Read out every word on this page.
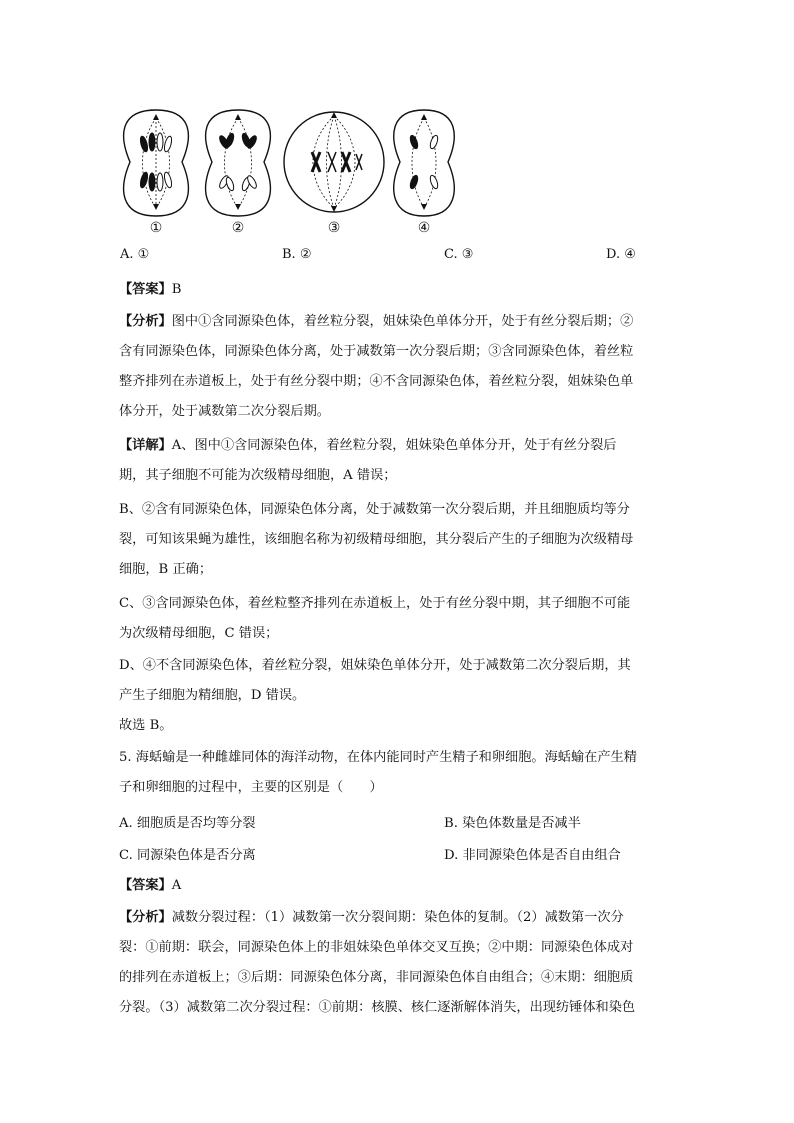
①	②	③	④
A. ①	B. ②	C. ③	D. ④
【答案】B
【分析】图中①含同源染色体，着丝粒分裂，姐妹染色单体分开，处于有丝分裂后期；②
含有同源染色体，同源染色体分离，处于减数第一次分裂后期；③含同源染色体，着丝粒
整齐排列在赤道板上，处于有丝分裂中期；④不含同源染色体，着丝粒分裂，姐妹染色单
体分开，处于减数第二次分裂后期。
【详解】A、图中①含同源染色体，着丝粒分裂，姐妹染色单体分开，处于有丝分裂后
期，其子细胞不可能为次级精母细胞，A 错误；
B、②含有同源染色体，同源染色体分离，处于减数第一次分裂后期，并且细胞质均等分
裂，可知该果蝇为雄性，该细胞名称为初级精母细胞，其分裂后产生的子细胞为次级精母
细胞，B 正确；
C、③含同源染色体，着丝粒整齐排列在赤道板上，处于有丝分裂中期，其子细胞不可能
为次级精母细胞，C 错误；
D、④不含同源染色体，着丝粒分裂，姐妹染色单体分开，处于减数第二次分裂后期，其
产生子细胞为精细胞，D 错误。
故选 B。
5. 海蛞蝓是一种雌雄同体的海洋动物，在体内能同时产生精子和卵细胞。海蛞蝓在产生精
子和卵细胞的过程中，主要的区别是（　　）
A. 细胞质是否均等分裂	B. 染色体数量是否减半
C. 同源染色体是否分离	D. 非同源染色体是否自由组合
【答案】A
【分析】减数分裂过程：（1）减数第一次分裂间期：染色体的复制。（2）减数第一次分
裂：①前期：联会，同源染色体上的非姐妹染色单体交叉互换；②中期：同源染色体成对
的排列在赤道板上；③后期：同源染色体分离，非同源染色体自由组合；④末期：细胞质
分裂。（3）减数第二次分裂过程：①前期：核膜、核仁逐渐解体消失，出现纺锤体和染色
